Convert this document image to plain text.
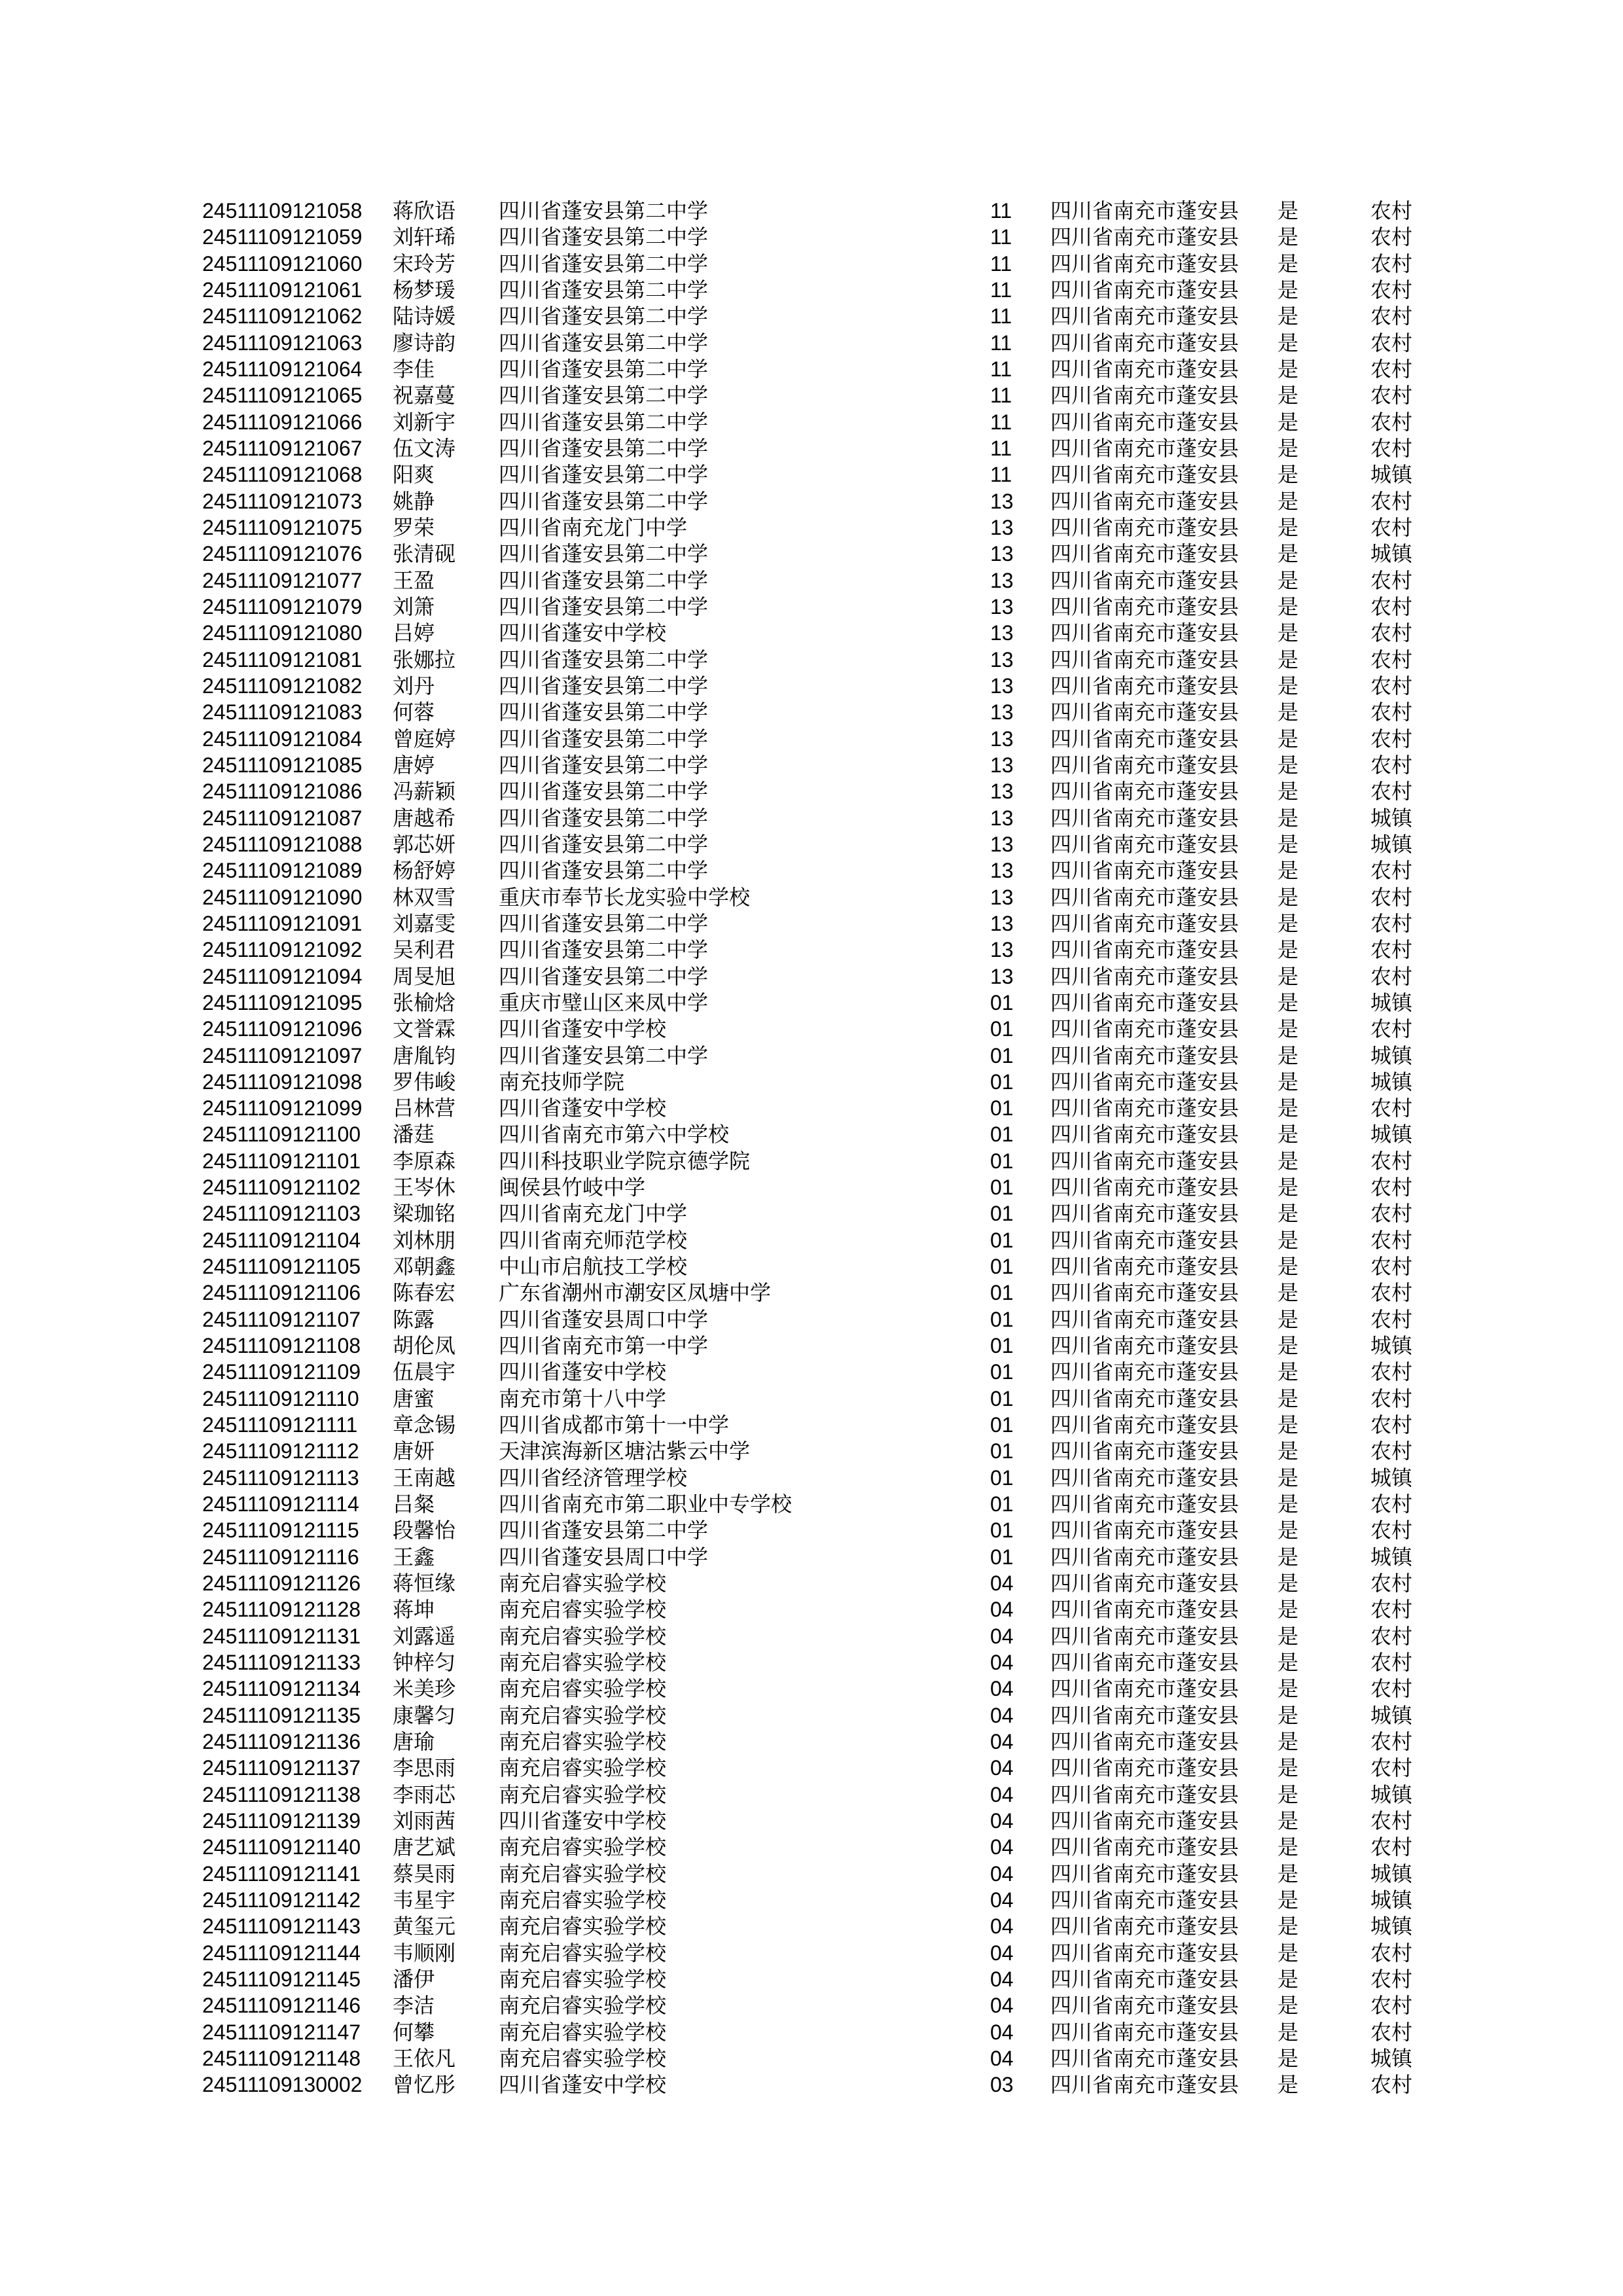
24511109121058 蒋欣语 四川省蓬安县第二中学	11 四川省南充市蓬安县 是	农村
24511109121059 刘轩琋 四川省蓬安县第二中学	11 四川省南充市蓬安县 是	农村
24511109121060 宋玲芳 四川省蓬安县第二中学	11 四川省南充市蓬安县 是	农村
24511109121061 杨梦瑗 四川省蓬安县第二中学	11 四川省南充市蓬安县 是	农村
24511109121062 陆诗媛 四川省蓬安县第二中学	11 四川省南充市蓬安县 是	农村
24511109121063 廖诗韵 四川省蓬安县第二中学	11 四川省南充市蓬安县 是	农村
24511109121064 李佳	四川省蓬安县第二中学	11 四川省南充市蓬安县 是	农村
24511109121065 祝嘉蔓 四川省蓬安县第二中学	11 四川省南充市蓬安县 是	农村
24511109121066 刘新宇 四川省蓬安县第二中学	11 四川省南充市蓬安县 是	农村
24511109121067 伍文涛 四川省蓬安县第二中学	11 四川省南充市蓬安县 是	农村
24511109121068 阳爽	四川省蓬安县第二中学	11 四川省南充市蓬安县 是	城镇
24511109121073 姚静	四川省蓬安县第二中学	13 四川省南充市蓬安县 是	农村
24511109121075 罗荣	四川省南充龙门中学	13 四川省南充市蓬安县 是	农村
24511109121076 张清砚 四川省蓬安县第二中学	13 四川省南充市蓬安县 是	城镇
24511109121077 王盈	四川省蓬安县第二中学	13 四川省南充市蓬安县 是	农村
24511109121079 刘箫	四川省蓬安县第二中学	13 四川省南充市蓬安县 是	农村
24511109121080 吕婷	四川省蓬安中学校	13 四川省南充市蓬安县 是	农村
24511109121081 张娜拉 四川省蓬安县第二中学	13 四川省南充市蓬安县 是	农村
24511109121082 刘丹	四川省蓬安县第二中学	13 四川省南充市蓬安县 是	农村
24511109121083 何蓉	四川省蓬安县第二中学	13 四川省南充市蓬安县 是	农村
24511109121084 曾庭婷 四川省蓬安县第二中学	13 四川省南充市蓬安县 是	农村
24511109121085 唐婷	四川省蓬安县第二中学	13 四川省南充市蓬安县 是	农村
24511109121086 冯薪颖 四川省蓬安县第二中学	13 四川省南充市蓬安县 是	农村
24511109121087 唐越希 四川省蓬安县第二中学	13 四川省南充市蓬安县 是	城镇
24511109121088 郭芯妍 四川省蓬安县第二中学	13 四川省南充市蓬安县 是	城镇
24511109121089 杨舒婷 四川省蓬安县第二中学	13 四川省南充市蓬安县 是	农村
24511109121090 林双雪 重庆市奉节长龙实验中学校	13 四川省南充市蓬安县 是	农村
24511109121091 刘嘉雯 四川省蓬安县第二中学	13 四川省南充市蓬安县 是	农村
24511109121092 吴利君 四川省蓬安县第二中学	13 四川省南充市蓬安县 是	农村
24511109121094 周旻旭 四川省蓬安县第二中学	13 四川省南充市蓬安县 是	农村
24511109121095 张榆焓 重庆市璧山区来凤中学	01 四川省南充市蓬安县 是	城镇
24511109121096 文誉霖 四川省蓬安中学校	01 四川省南充市蓬安县 是	农村
24511109121097 唐胤钧 四川省蓬安县第二中学	01 四川省南充市蓬安县 是	城镇
24511109121098 罗伟峻 南充技师学院	01 四川省南充市蓬安县 是	城镇
24511109121099 吕林营 四川省蓬安中学校	01 四川省南充市蓬安县 是	农村
24511109121100 潘莛	四川省南充市第六中学校	01 四川省南充市蓬安县 是	城镇
24511109121101 李原森 四川科技职业学院京德学院	01 四川省南充市蓬安县 是	农村
24511109121102 王岑休 闽侯县竹岐中学	01 四川省南充市蓬安县 是	农村
24511109121103 梁珈铭 四川省南充龙门中学	01 四川省南充市蓬安县 是	农村
24511109121104 刘林朋 四川省南充师范学校	01 四川省南充市蓬安县 是	农村
24511109121105 邓朝鑫 中山市启航技工学校	01 四川省南充市蓬安县 是	农村
24511109121106 陈春宏 广东省潮州市潮安区凤塘中学	01 四川省南充市蓬安县 是	农村
24511109121107 陈露	四川省蓬安县周口中学	01 四川省南充市蓬安县 是	农村
24511109121108 胡伦凤 四川省南充市第一中学	01 四川省南充市蓬安县 是	城镇
24511109121109 伍晨宇 四川省蓬安中学校	01 四川省南充市蓬安县 是	农村
24511109121110 唐蜜	南充市第十八中学	01 四川省南充市蓬安县 是	农村
24511109121111 章念锡 四川省成都市第十一中学	01 四川省南充市蓬安县 是	农村
24511109121112 唐妍	天津滨海新区塘沽紫云中学	01 四川省南充市蓬安县 是	农村
24511109121113 王南越 四川省经济管理学校	01 四川省南充市蓬安县 是	城镇
24511109121114 吕粲	四川省南充市第二职业中专学校	01 四川省南充市蓬安县 是	农村
24511109121115 段馨怡 四川省蓬安县第二中学	01 四川省南充市蓬安县 是	农村
24511109121116 王鑫	四川省蓬安县周口中学	01 四川省南充市蓬安县 是	城镇
24511109121126 蒋恒缘 南充启睿实验学校	04 四川省南充市蓬安县 是	农村
24511109121128 蒋坤	南充启睿实验学校	04 四川省南充市蓬安县 是	农村
24511109121131 刘露遥 南充启睿实验学校	04 四川省南充市蓬安县 是	农村
24511109121133 钟梓匀 南充启睿实验学校	04 四川省南充市蓬安县 是	农村
24511109121134 米美珍 南充启睿实验学校	04 四川省南充市蓬安县 是	农村
24511109121135 康馨匀 南充启睿实验学校	04 四川省南充市蓬安县 是	城镇
24511109121136 唐瑜	南充启睿实验学校	04 四川省南充市蓬安县 是	农村
24511109121137 李思雨 南充启睿实验学校	04 四川省南充市蓬安县 是	农村
24511109121138 李雨芯 南充启睿实验学校	04 四川省南充市蓬安县 是	城镇
24511109121139 刘雨茜 四川省蓬安中学校	04 四川省南充市蓬安县 是	农村
24511109121140 唐艺斌 南充启睿实验学校	04 四川省南充市蓬安县 是	农村
24511109121141 蔡昊雨 南充启睿实验学校	04 四川省南充市蓬安县 是	城镇
24511109121142 韦星宇 南充启睿实验学校	04 四川省南充市蓬安县 是	城镇
24511109121143 黄玺元 南充启睿实验学校	04 四川省南充市蓬安县 是	城镇
24511109121144 韦顺刚 南充启睿实验学校	04 四川省南充市蓬安县 是	农村
24511109121145 潘伊	南充启睿实验学校	04 四川省南充市蓬安县 是	农村
24511109121146 李洁	南充启睿实验学校	04 四川省南充市蓬安县 是	农村
24511109121147 何攀	南充启睿实验学校	04 四川省南充市蓬安县 是	农村
24511109121148 王依凡 南充启睿实验学校	04 四川省南充市蓬安县 是	城镇
24511109130002 曾忆彤 四川省蓬安中学校	03 四川省南充市蓬安县 是	农村
